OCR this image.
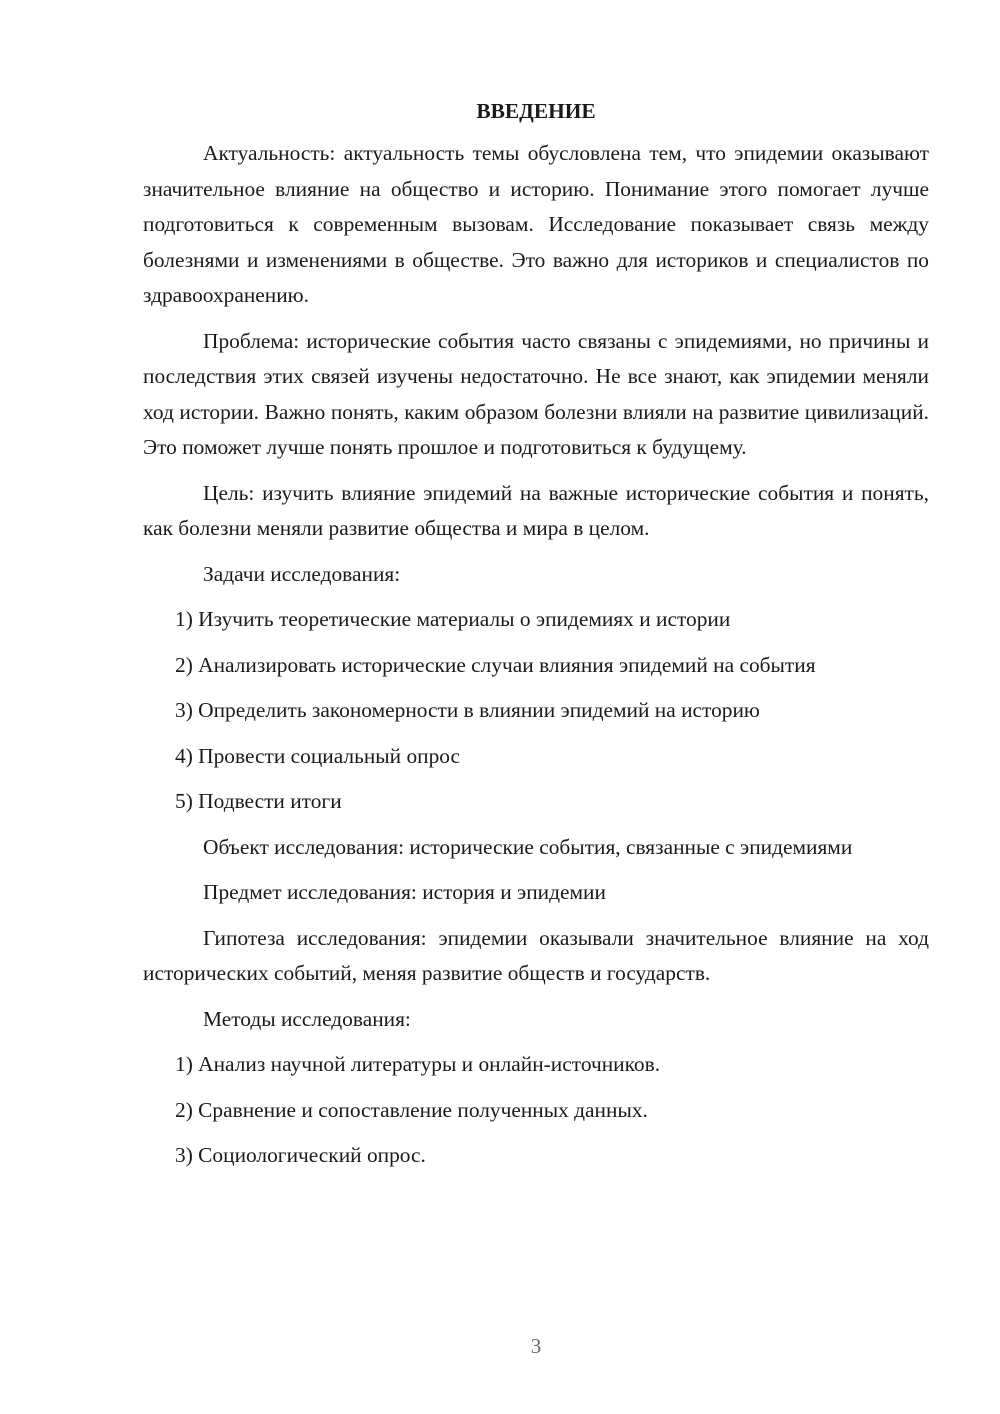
ВВЕДЕНИЕ

Актуальность: актуальность темы обусловлена тем, что эпидемии оказывают значительное влияние на общество и историю. Понимание этого помогает лучше подготовиться к современным вызовам. Исследование показывает связь между болезнями и изменениями в обществе. Это важно для историков и специалистов по здравоохранению.

Проблема: исторические события часто связаны с эпидемиями, но причины и последствия этих связей изучены недостаточно. Не все знают, как эпидемии меняли ход истории. Важно понять, каким образом болезни влияли на развитие цивилизаций. Это поможет лучше понять прошлое и подготовиться к будущему.

Цель: изучить влияние эпидемий на важные исторические события и понять, как болезни меняли развитие общества и мира в целом.

Задачи исследования:

1) Изучить теоретические материалы о эпидемиях и истории
2) Анализировать исторические случаи влияния эпидемий на события
3) Определить закономерности в влиянии эпидемий на историю
4) Провести социальный опрос
5) Подвести итоги

Объект исследования: исторические события, связанные с эпидемиями

Предмет исследования: история и эпидемии

Гипотеза исследования: эпидемии оказывали значительное влияние на ход исторических событий, меняя развитие обществ и государств.

Методы исследования:

1) Анализ научной литературы и онлайн-источников.
2) Сравнение и сопоставление полученных данных.
3) Социологический опрос.
3
